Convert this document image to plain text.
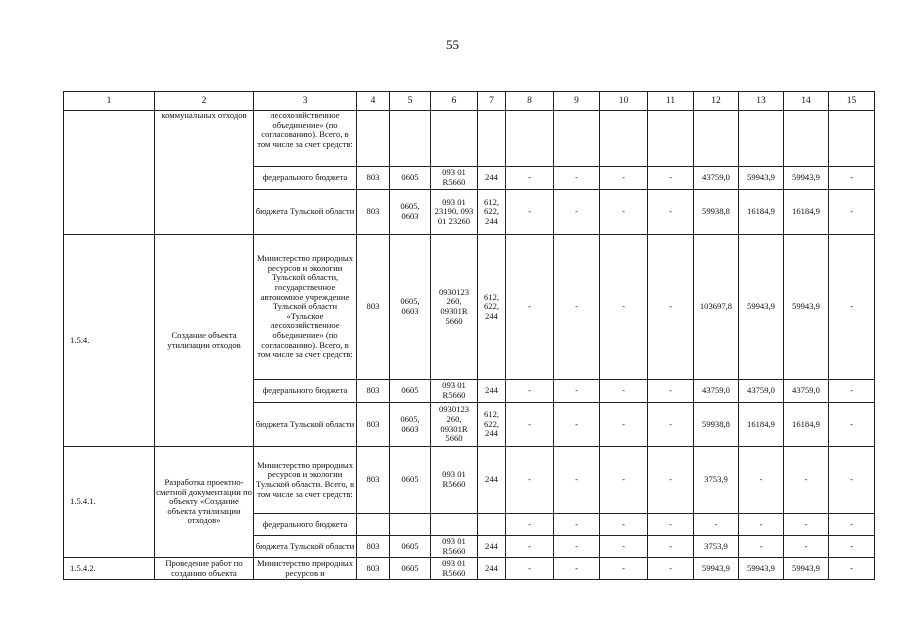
55
1	2	3	4	5	6	7	8	9	10	11	12	13	14	15
	коммунальных отходов	лесохозяйственное объединение» (по согласованию). Всего, в том числе за счет средств:												
		федерального бюджета	803	0605	093 01 R5660	244	-	-	-	-	43759,0	59943,9	59943,9	-
		бюджета Тульской области	803	0605, 0603	093 01 23190, 093 01 23260	612, 622, 244	-	-	-	-	59938,8	16184,9	16184,9	-
1.5.4.	Создание объекта утилизации отходов	Министерство природных ресурсов и экологии Тульской области, государственное автономное учреждение Тульской области «Тульское лесохозяйственное объединение» (по согласованию). Всего, в том числе за счет средств:	803	0605, 0603	0930123 260, 09301R 5660	612, 622, 244	-	-	-	-	103697,8	59943,9	59943,9	-
		федерального бюджета	803	0605	093 01 R5660	244	-	-	-	-	43759,0	43759,0	43759,0	-
		бюджета Тульской области	803	0605, 0603	0930123 260, 09301R 5660	612, 622, 244	-	-	-	-	59938,8	16184,9	16184,9	-
1.5.4.1.	Разработка проектно-сметной документации по объекту «Создание объекта утилизации отходов»	Министерство природных ресурсов и экологии Тульской области. Всего, в том числе за счет средств:	803	0605	093 01 R5660	244	-	-	-	-	3753,9	-	-	-
		федерального бюджета					-	-	-	-	-	-	-	-
		бюджета Тульской области	803	0605	093 01 R5660	244	-	-	-	-	3753,9	-	-	-
1.5.4.2.	Проведение работ по созданию объекта	Министерство природных ресурсов и	803	0605	093 01 R5660	244	-	-	-	-	59943,9	59943,9	59943,9	-
